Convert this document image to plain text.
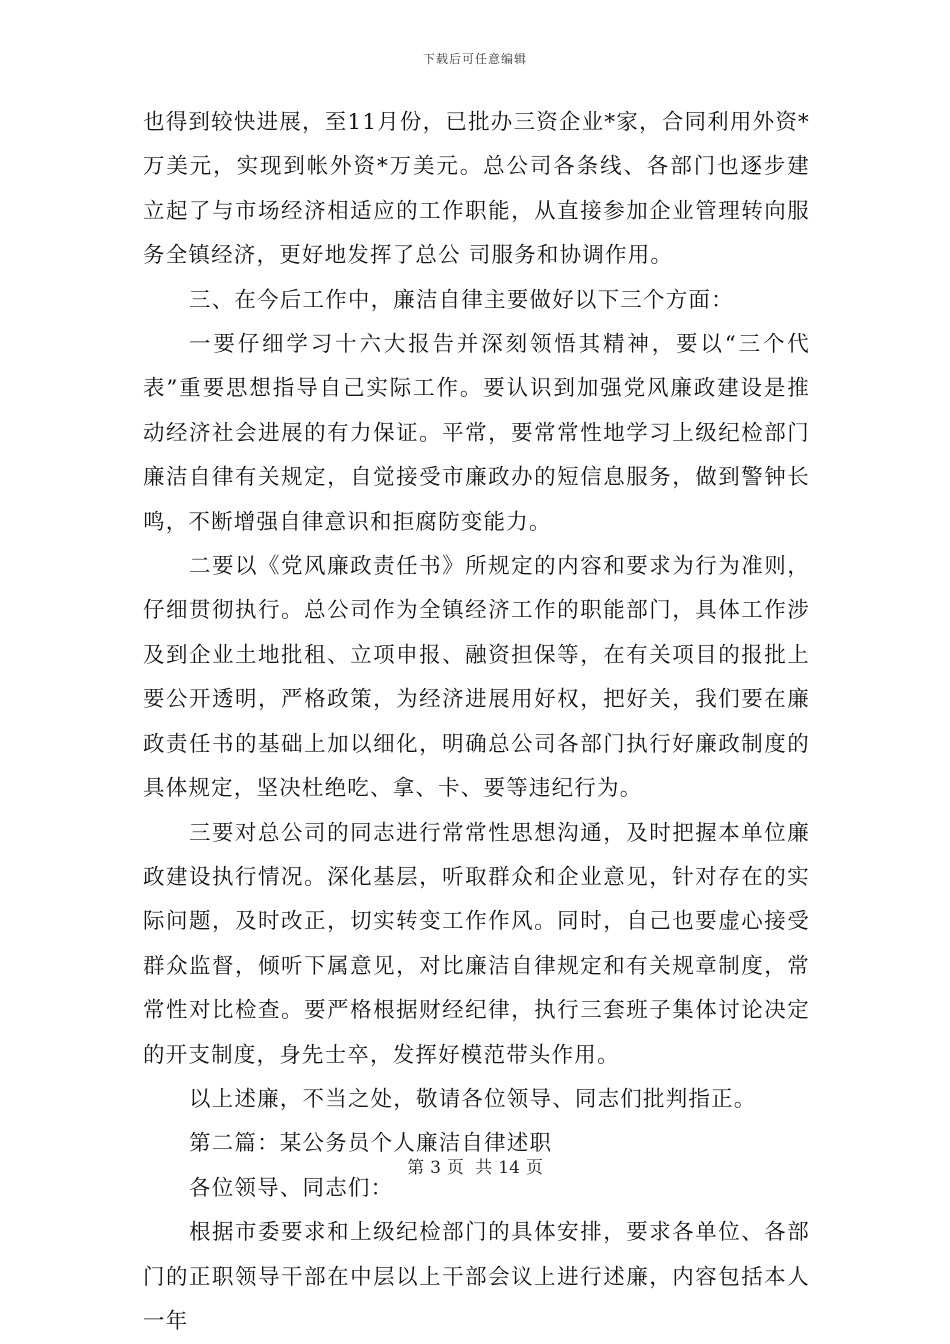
下载后可任意编辑

也得到较快进展，至11月份，已批办三资企业*家，合同利用外资*万美元，实现到帐外资*万美元。总公司各条线、各部门也逐步建立起了与市场经济相适应的工作职能，从直接参加企业管理转向服务全镇经济，更好地发挥了总公 司服务和协调作用。

三、在今后工作中，廉洁自律主要做好以下三个方面：

一要仔细学习十六大报告并深刻领悟其精神，要以“三个代表”重要思想指导自己实际工作。要认识到加强党风廉政建设是推动经济社会进展的有力保证。平常，要常常性地学习上级纪检部门廉洁自律有关规定，自觉接受市廉政办的短信息服务，做到警钟长鸣，不断增强自律意识和拒腐防变能力。

二要以《党风廉政责任书》所规定的内容和要求为行为准则，仔细贯彻执行。总公司作为全镇经济工作的职能部门，具体工作涉及到企业土地批租、立项申报、融资担保等，在有关项目的报批上要公开透明，严格政策，为经济进展用好权，把好关，我们要在廉政责任书的基础上加以细化，明确总公司各部门执行好廉政制度的具体规定，坚决杜绝吃、拿、卡、要等违纪行为。

三要对总公司的同志进行常常性思想沟通，及时把握本单位廉政建设执行情况。深化基层，听取群众和企业意见，针对存在的实际问题，及时改正，切实转变工作作风。同时，自己也要虚心接受群众监督，倾听下属意见，对比廉洁自律规定和有关规章制度，常常性对比检查。要严格根据财经纪律，执行三套班子集体讨论决定的开支制度，身先士卒，发挥好模范带头作用。

以上述廉，不当之处，敬请各位领导、同志们批判指正。

第二篇：某公务员个人廉洁自律述职

各位领导、同志们：

根据市委要求和上级纪检部门的具体安排，要求各单位、各部门的正职领导干部在中层以上干部会议上进行述廉，内容包括本人一年

第 3 页 共 14 页
